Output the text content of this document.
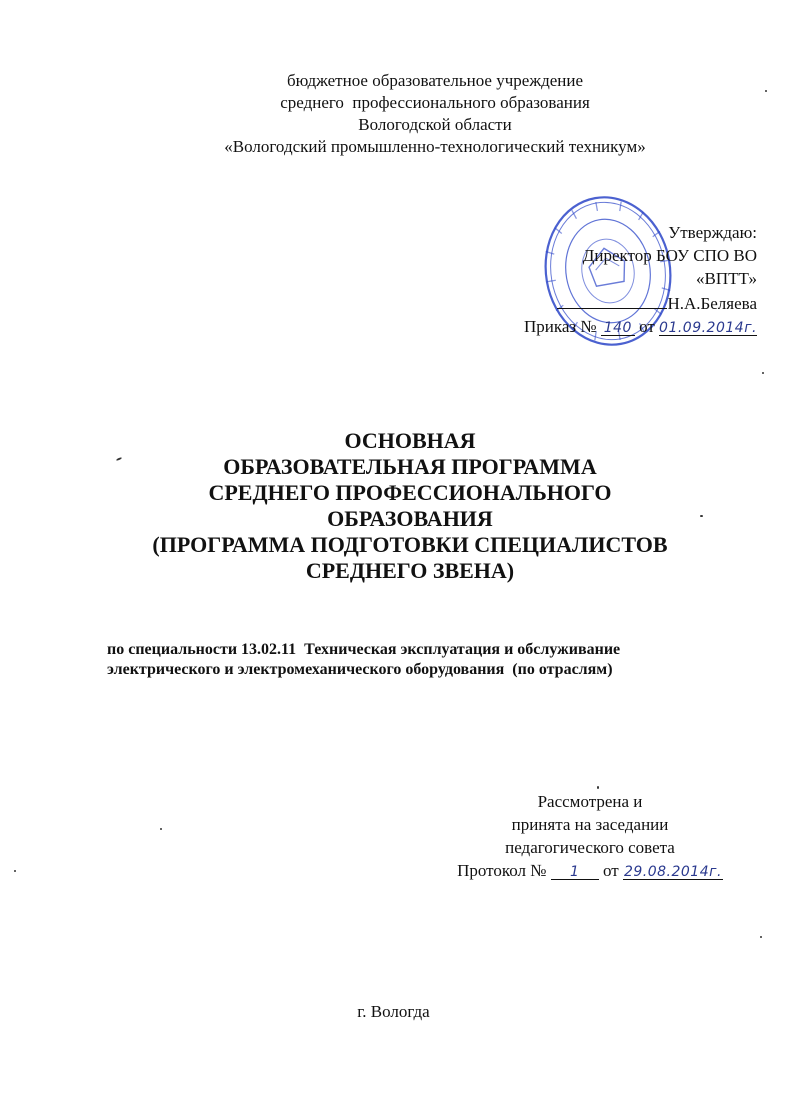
бюджетное образовательное учреждение
среднего  профессионального образования
Вологодской области
«Вологодский промышленно-технологический техникум»
Утверждаю:
Директор БОУ СПО ВО
«ВПТТ»
Н.А.Беляева
Приказ № 140 от 01.09.2014г.
ОСНОВНАЯ
ОБРАЗОВАТЕЛЬНАЯ ПРОГРАММА
СРЕДНЕГО ПРОФЕССИОНАЛЬНОГО
ОБРАЗОВАНИЯ
(ПРОГРАММА ПОДГОТОВКИ СПЕЦИАЛИСТОВ
СРЕДНЕГО ЗВЕНА)
по специальности 13.02.11  Техническая эксплуатация и обслуживание
электрического и электромеханического оборудования  (по отраслям)
Рассмотрена и
принята на заседании
педагогического совета
Протокол № 1 от 29.08.2014г.
г. Вологда
